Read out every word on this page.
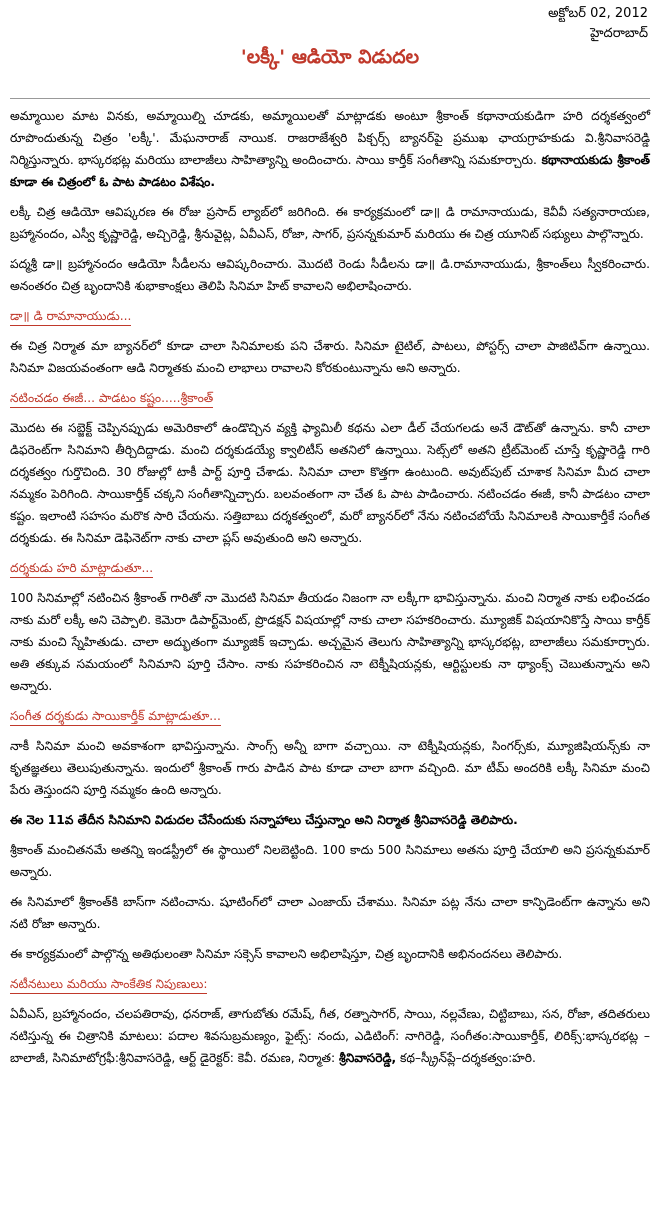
అక్టోబర్ 02, 2012
హైదరాబాద్
'లక్కీ' ఆడియో విడుదల

అమ్మాయిల మాట వినకు, అమ్మాయిల్ని చూడకు, అమ్మాయిలతో మాట్లాడకు అంటూ శ్రీకాంత్ కథానాయకుడిగా హరి దర్శకత్వంలో రూపొందుతున్న చిత్రం 'లక్కీ'. మేఘనారాజ్ నాయిక. రాజరాజేశ్వరి పిక్చర్స్ బ్యానర్‌పై ప్రముఖ ఛాయగ్రాహకుడు వి.శ్రీనివాసరెడ్డి నిర్మిస్తున్నారు. భాస్కరభట్ల మరియు బాలాజీలు సాహిత్యాన్ని అందించారు. సాయి కార్తీక్ సంగీతాన్ని సమకూర్చారు. కథానాయకుడు శ్రీకాంత్ కూడా ఈ చిత్రంలో ఓ పాట పాడటం విశేషం.

లక్కీ చిత్ర ఆడియో ఆవిష్కరణ ఈ రోజు ప్రసాద్ ల్యాబ్‌లో జరిగింది. ఈ కార్యక్రమంలో డా॥ డి రామానాయుడు, కెవీవీ సత్యనారాయణ, బ్రహ్మానందం, ఎస్వీ కృష్ణారెడ్డి, అచ్చిరెడ్డి, శ్రీనువైట్ల, ఏవీఎస్, రోజా, సాగర్, ప్రసన్నకుమార్ మరియు ఈ చిత్ర యూనిట్ సభ్యులు పాల్గొన్నారు.

పద్మశ్రీ డా॥ బ్రహ్మానందం ఆడియో సీడీలను ఆవిష్కరించారు. మొదటి రెండు సీడీలను డా॥ డి.రామానాయుడు, శ్రీకాంత్‌లు స్వీకరించారు. అనంతరం చిత్ర బృందానికి శుభాకాంక్షలు తెలిపి సినిమా హిట్ కావాలని అభిలాషించారు.

డా॥ డి రామానాయుడు...

ఈ చిత్ర నిర్మాత మా బ్యానర్‌లో కూడా చాలా సినిమాలకు పని చేశారు. సినిమా టైటిల్, పాటలు, పోస్టర్స్ చాలా పాజిటివ్‌గా ఉన్నాయి. సినిమా విజయవంతంగా ఆడి నిర్మాతకు మంచి లాభాలు రావాలని కోరకుంటున్నాను అని అన్నారు.

నటించడం ఈజీ... పాడటం కష్టం.....శ్రీకాంత్

మొదట ఈ సబ్జెక్ట్ చెప్పినప్పుడు అమెరికాలో ఉండొచ్చిన వ్యక్తి ఫ్యామిలీ కథను ఎలా డీల్ చేయగలడు అనే డౌట్‌తో ఉన్నాను. కానీ చాలా డిఫరెంట్‌గా సినిమాని తీర్చిదిద్దాడు. మంచి దర్శకుడయ్యే క్వాలిటీస్ అతనిలో ఉన్నాయి. సెట్స్‌లో అతని ట్రీట్‌మెంట్ చూస్తే కృష్ణారెడ్డి గారి దర్శకత్వం గుర్తొచింది. 30 రోజుల్లో టాకీ పార్ట్ పూర్తి చేశాడు. సినిమా చాలా కొత్తగా ఉంటుంది. అవుట్‌పుట్ చూశాక సినిమా మీద చాలా నమ్మకం పెరిగింది. సాయికార్తీక్ చక్కని సంగీతాన్నిచ్చారు. బలవంతంగా నా చేత ఓ పాట పాడించారు. నటించడం ఈజీ, కానీ పాడటం చాలా కష్టం. ఇలాంటి సహసం మరొక సారి చేయను. సత్తిబాబు దర్శకత్వంలో, మరో బ్యానర్‌లో నేను నటించబోయే సినిమాలకి సాయికార్తీకే సంగీత దర్శకుడు. ఈ సినిమా డెఫినెట్‌గా నాకు చాలా ప్లస్ అవుతుంది అని అన్నారు.

దర్శకుడు హరి మాట్లాడుతూ...

100 సినిమాల్లో నటించిన శ్రీకాంత్ గారితో నా మొదటి సినిమా తీయడం నిజంగా నా లక్కీగా భావిస్తున్నాను. మంచి నిర్మాత నాకు లభించడం నాకు మరో లక్కీ అని చెప్పాలి. కెమెరా డిపార్ట్‌మెంట్, ప్రొడక్షన్ విషయాల్లో నాకు చాలా సహకరించారు. మ్యూజిక్ విషయానికొస్తే సాయి కార్తీక్ నాకు మంచి స్నేహితుడు. చాలా అద్భుతంగా మ్యూజిక్ ఇచ్చాడు. అచ్చమైన తెలుగు సాహిత్యాన్ని భాస్కరభట్ల, బాలాజీలు సమకూర్చారు. అతి తక్కువ సమయంలో సినిమాని పూర్తి చేసాం. నాకు సహకరించిన నా టెక్నీషియన్లకు, ఆర్టిస్టులకు నా థ్యాంక్స్ చెబుతున్నాను అని అన్నారు.

సంగీత దర్శకుడు సాయికార్తీక్ మాట్లాడుతూ...

నాకీ సినిమా మంచి అవకాశంగా భావిస్తున్నాను. సాంగ్స్ అన్నీ బాగా వచ్చాయి. నా టెక్నీషియన్లకు, సింగర్స్‌కు, మ్యూజిషియన్స్‌కు నా కృతజ్ఞతలు తెలుపుతున్నాను. ఇందులో శ్రీకాంత్ గారు పాడిన పాట కూడా చాలా బాగా వచ్చింది. మా టీమ్ అందరికి లక్కీ సినిమా మంచి పేరు తెస్తుందని పూర్తి నమ్మకం ఉంది అన్నారు.

ఈ నెల 11వ తేదీన సినిమాని విడుదల చేసేందుకు సన్నాహాలు చేస్తున్నాం అని నిర్మాత శ్రీనివాసరెడ్డి తెలిపారు.

శ్రీకాంత్ మంచితనమే అతన్ని ఇండస్ట్రీలో ఈ స్థాయిలో నిలబెట్టింది. 100 కాదు 500 సినిమాలు అతను పూర్తి చేయాలి అని ప్రసన్నకుమార్ అన్నారు.

ఈ సినిమాలో శ్రీకాంత్‌కి బాస్‌గా నటించాను. షూటింగ్‌లో చాలా ఎంజాయ్ చేశాము. సినిమా పట్ల నేను చాలా కాన్ఫిడెంట్‌గా ఉన్నాను అని నటి రోజా అన్నారు.

ఈ కార్యక్రమంలో పాల్గొన్న అతిథులంతా సినిమా సక్సెస్ కావాలని అభిలాషిస్తూ, చిత్ర బృందానికి అభినందనలు తెలిపారు.

నటీనటులు మరియు సాంకేతిక నిపుణులు:

ఏవీఎస్, బ్రహ్మానందం, చలపతిరావు, ధనరాజ్, తాగుబోతు రమేష్, గీత, రత్నాసాగర్, సాయి, నల్లవేణు, చిట్టిబాబు, సన, రోజా, తదితరులు నటిస్తున్న ఈ చిత్రానికి మాటలు: పదాల శివసుబ్రమణ్యం, ఫైట్స్: నందు, ఎడిటింగ్: నాగిరెడ్డి, సంగీతం:సాయికార్తీక్, లిరిక్స్:భాస్కరభట్ల – బాలాజీ, సినిమాటోగ్రఫీ:శ్రీనివాసరెడ్డి, ఆర్ట్ డైరెక్టర్: కెవీ. రమణ, నిర్మాత: శ్రీనివాసరెడ్డి, కథ–స్క్రీన్‌ప్లే–దర్శకత్వం:హరి.
